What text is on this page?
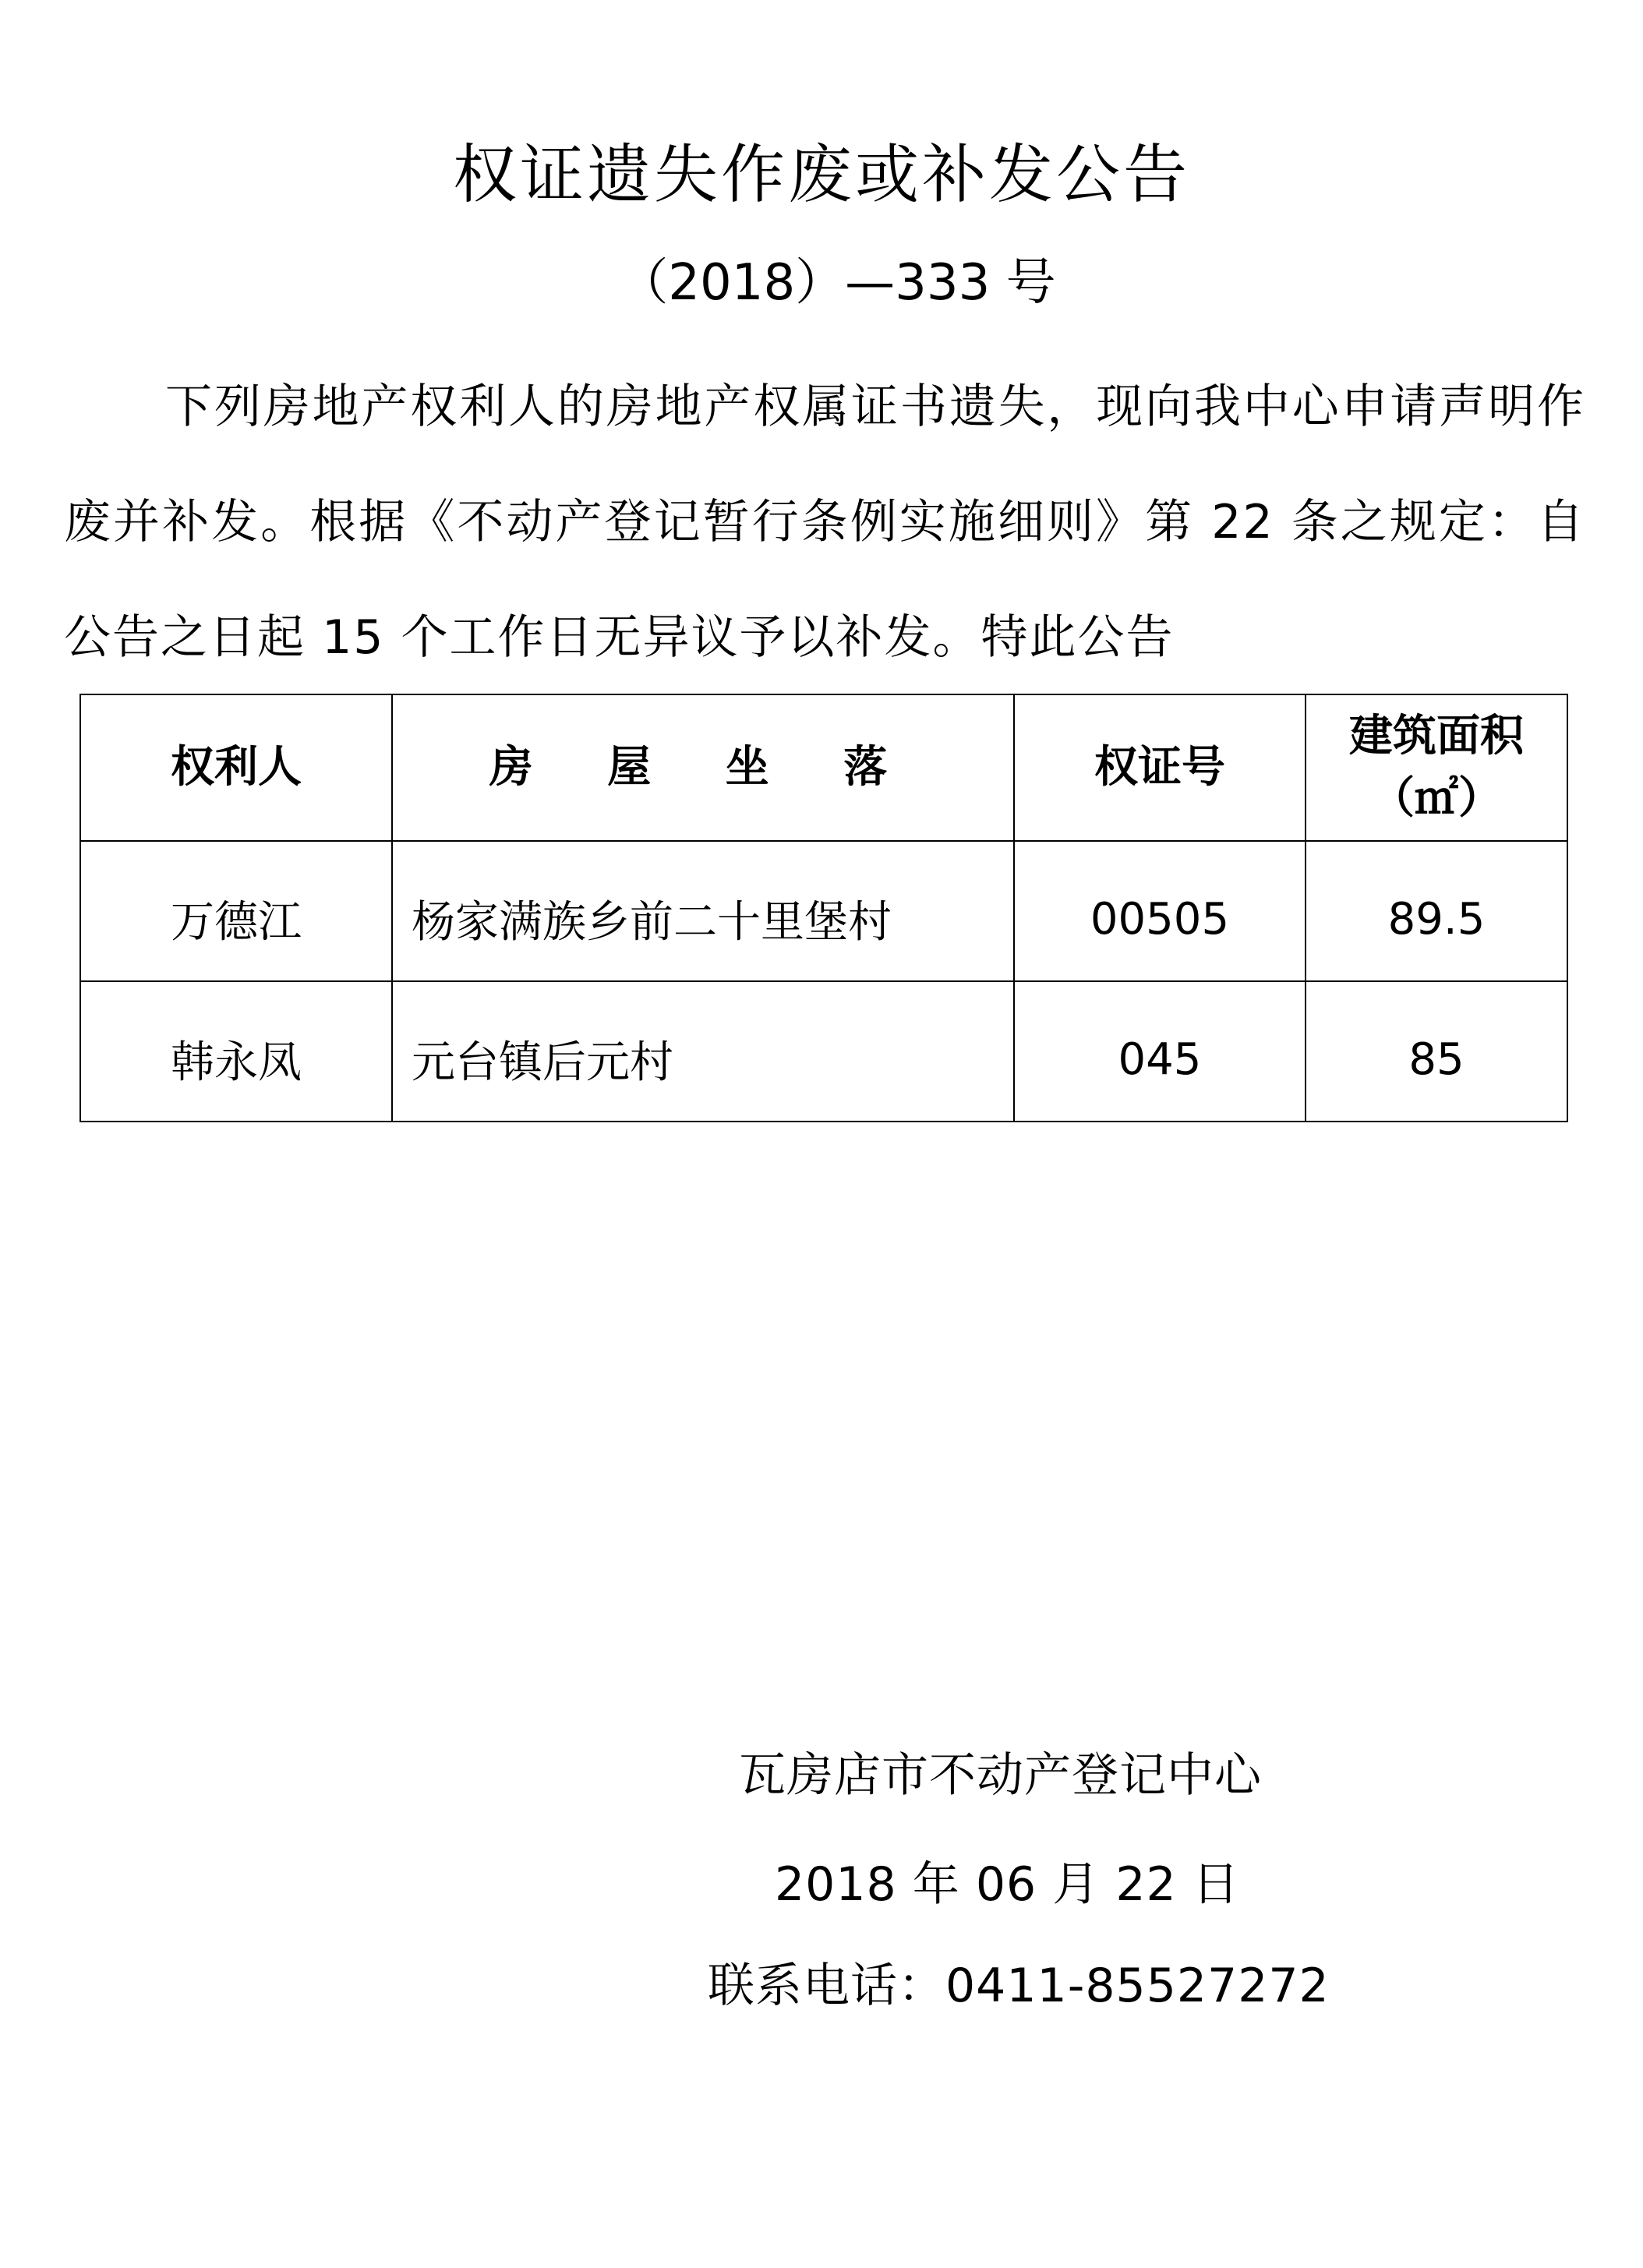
权证遗失作废或补发公告
（2018）—333 号
下列房地产权利人的房地产权属证书遗失，现向我中心申请声明作废并补发。根据《不动产登记暂行条例实施细则》第 22 条之规定：自公告之日起 15 个工作日无异议予以补发。特此公告
权利人	房 屋 坐 落	权证号	建筑面积
（㎡）

万德江	杨家满族乡前二十里堡村	00505	89.5
韩永凤	元台镇后元村	045	85
瓦房店市不动产登记中心
2018 年 06 月 22 日
联系电话：0411-85527272
